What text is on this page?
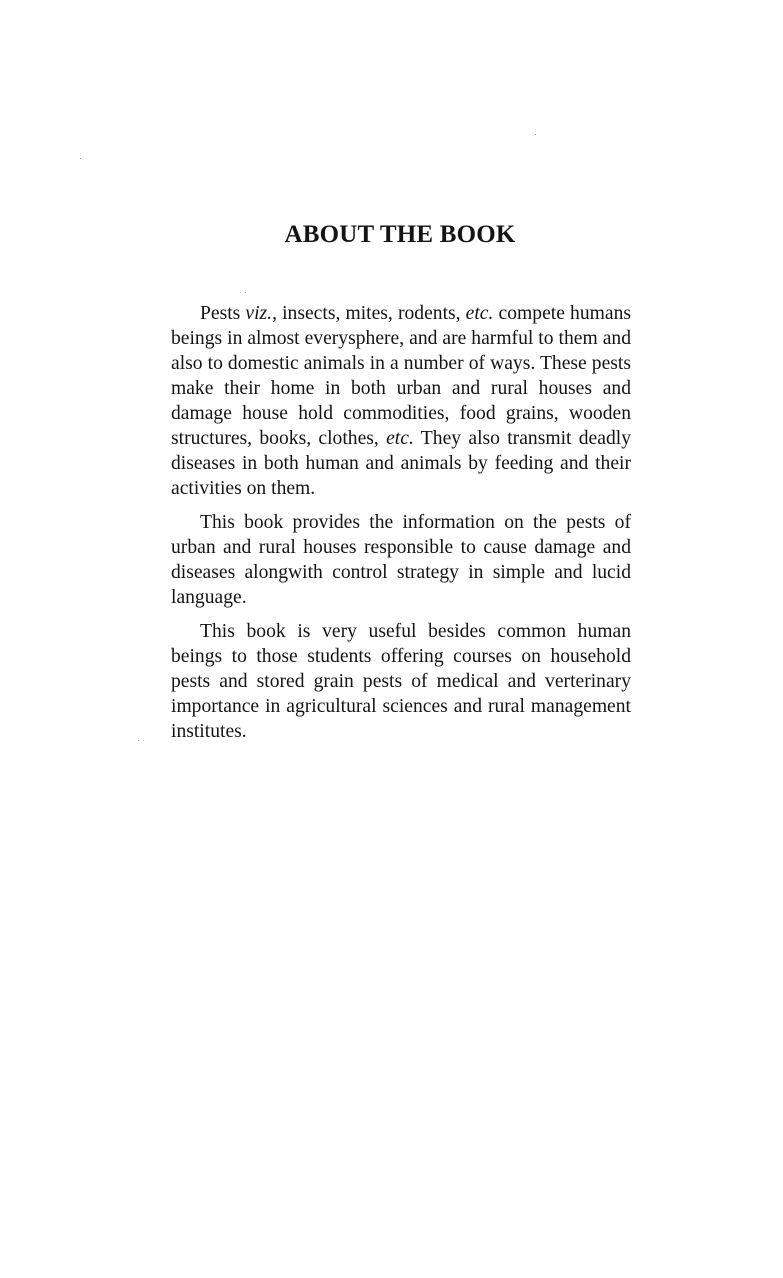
ABOUT THE BOOK

Pests viz., insects, mites, rodents, etc. compete humans beings in almost everysphere, and are harmful to them and also to domestic animals in a number of ways. These pests make their home in both urban and rural houses and damage house hold commodities, food grains, wooden structures, books, clothes, etc. They also transmit deadly diseases in both human and animals by feeding and their activities on them.

This book provides the information on the pests of urban and rural houses responsible to cause damage and diseases alongwith control strategy in simple and lucid language.

This book is very useful besides common human beings to those students offering courses on household pests and stored grain pests of medical and verterinary importance in agricultural sciences and rural management institutes.
